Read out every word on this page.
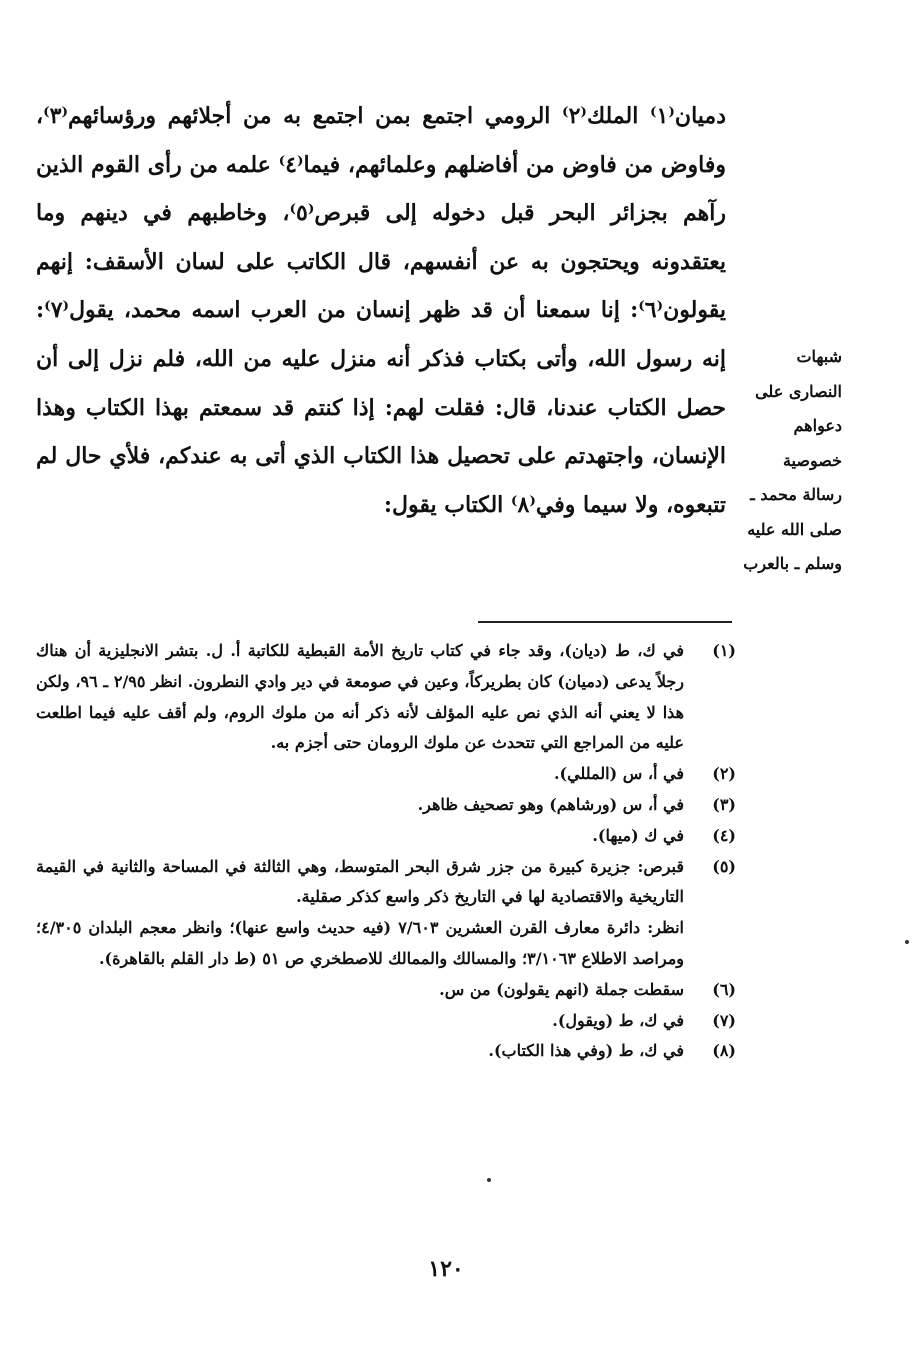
دميان⁽١⁾ الملك⁽٢⁾ الرومي اجتمع بمن اجتمع به من أجلائهم ورؤسائهم⁽٣⁾، وفاوض من فاوض من أفاضلهم وعلمائهم، فيما⁽٤⁾ علمه من رأى القوم الذين رآهم بجزائر البحر قبل دخوله إلى قبرص⁽٥⁾، وخاطبهم في دينهم وما يعتقدونه ويحتجون به عن أنفسهم، قال الكاتب على لسان الأسقف: إنهم يقولون⁽٦⁾: إنا سمعنا أن قد ظهر إنسان من العرب اسمه محمد، يقول⁽٧⁾: إنه رسول الله، وأتى بكتاب فذكر أنه منزل عليه من الله، فلم نزل إلى أن حصل الكتاب عندنا، قال: فقلت لهم: إذا كنتم قد سمعتم بهذا الكتاب وهذا الإنسان، واجتهدتم على تحصيل هذا الكتاب الذي أتى به عندكم، فلأي حال لم تتبعوه، ولا سيما وفي⁽٨⁾ الكتاب يقول:

شبهات النصارى على دعواهم خصوصية رسالة محمد ـ صلى الله عليه وسلم ـ بالعرب
(١)

في ك، ط (ديان)، وقد جاء في كتاب تاريخ الأمة القبطية للكاتبة أ. ل. بتشر الانجليزية أن هناك رجلاً يدعى (دميان) كان بطريركاً، وعين في صومعة في دير وادي النطرون. انظر ٢/٩٥ ـ ٩٦، ولكن هذا لا يعني أنه الذي نص عليه المؤلف لأنه ذكر أنه من ملوك الروم، ولم أقف عليه فيما اطلعت عليه من المراجع التي تتحدث عن ملوك الرومان حتى أجزم به.

(٢)

في أ، س (المللي).

(٣)

في أ، س (ورشاهم) وهو تصحيف ظاهر.

(٤)

في ك (ميها).

(٥)

قبرص: جزيرة كبيرة من جزر شرق البحر المتوسط، وهي الثالثة في المساحة والثانية في القيمة التاريخية والاقتصادية لها في التاريخ ذكر واسع كذكر صقلية.

انظر: دائرة معارف القرن العشرين ٧/٦٠٣ (فيه حديث واسع عنها)؛ وانظر معجم البلدان ٤/٣٠٥؛ ومراصد الاطلاع ٣/١٠٦٣؛ والمسالك والممالك للاصطخري ص ٥١ (ط دار القلم بالقاهرة).

(٦)

سقطت جملة (انهم يقولون) من س.

(٧)

في ك، ط (ويقول).

(٨)

في ك، ط (وفي هذا الكتاب).

١٢٠
